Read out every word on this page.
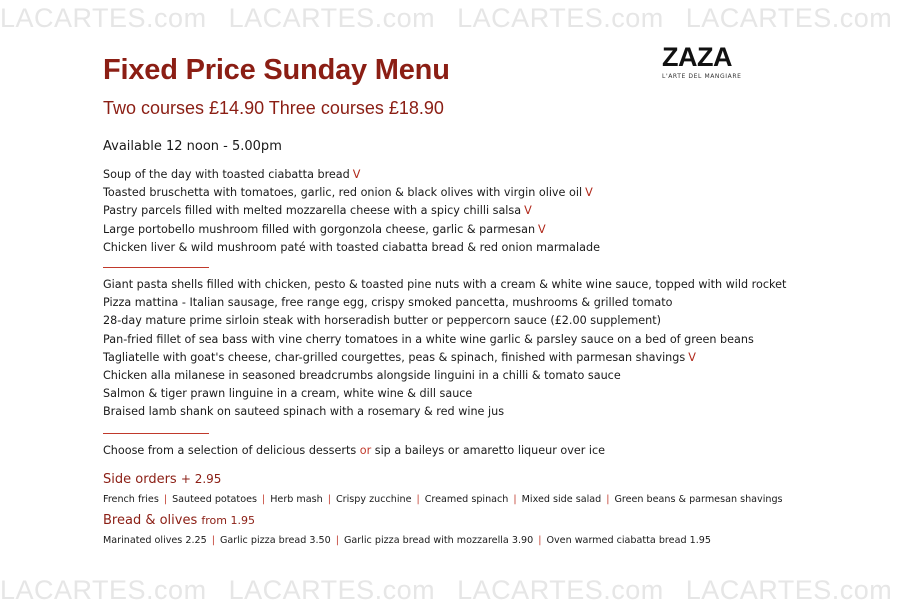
LACARTES.com LACARTES.com LACARTES.com LACARTES.com
Fixed Price Sunday Menu
Two courses £14.90 Three courses £18.90
Available 12 noon - 5.00pm
ZAZA
L'ARTE DEL MANGIARE
Soup of the day with toasted ciabatta bread V
Toasted bruschetta with tomatoes, garlic, red onion & black olives with virgin olive oil V
Pastry parcels filled with melted mozzarella cheese with a spicy chilli salsa V
Large portobello mushroom filled with gorgonzola cheese, garlic & parmesan V
Chicken liver & wild mushroom paté with toasted ciabatta bread & red onion marmalade
Giant pasta shells filled with chicken, pesto & toasted pine nuts with a cream & white wine sauce, topped with wild rocket
Pizza mattina - Italian sausage, free range egg, crispy smoked pancetta, mushrooms & grilled tomato
28-day mature prime sirloin steak with horseradish butter or peppercorn sauce (£2.00 supplement)
Pan-fried fillet of sea bass with vine cherry tomatoes in a white wine garlic & parsley sauce on a bed of green beans
Tagliatelle with goat's cheese, char-grilled courgettes, peas & spinach, finished with parmesan shavings V
Chicken alla milanese in seasoned breadcrumbs alongside linguini in a chilli & tomato sauce
Salmon & tiger prawn linguine in a cream, white wine & dill sauce
Braised lamb shank on sauteed spinach with a rosemary & red wine jus
Choose from a selection of delicious desserts or sip a baileys or amaretto liqueur over ice
Side orders + 2.95
French fries | Sauteed potatoes | Herb mash | Crispy zucchine | Creamed spinach | Mixed side salad | Green beans & parmesan shavings
Bread & olives from 1.95
Marinated olives 2.25 | Garlic pizza bread 3.50 | Garlic pizza bread with mozzarella 3.90 | Oven warmed ciabatta bread 1.95
LACARTES.com LACARTES.com LACARTES.com LACARTES.com
